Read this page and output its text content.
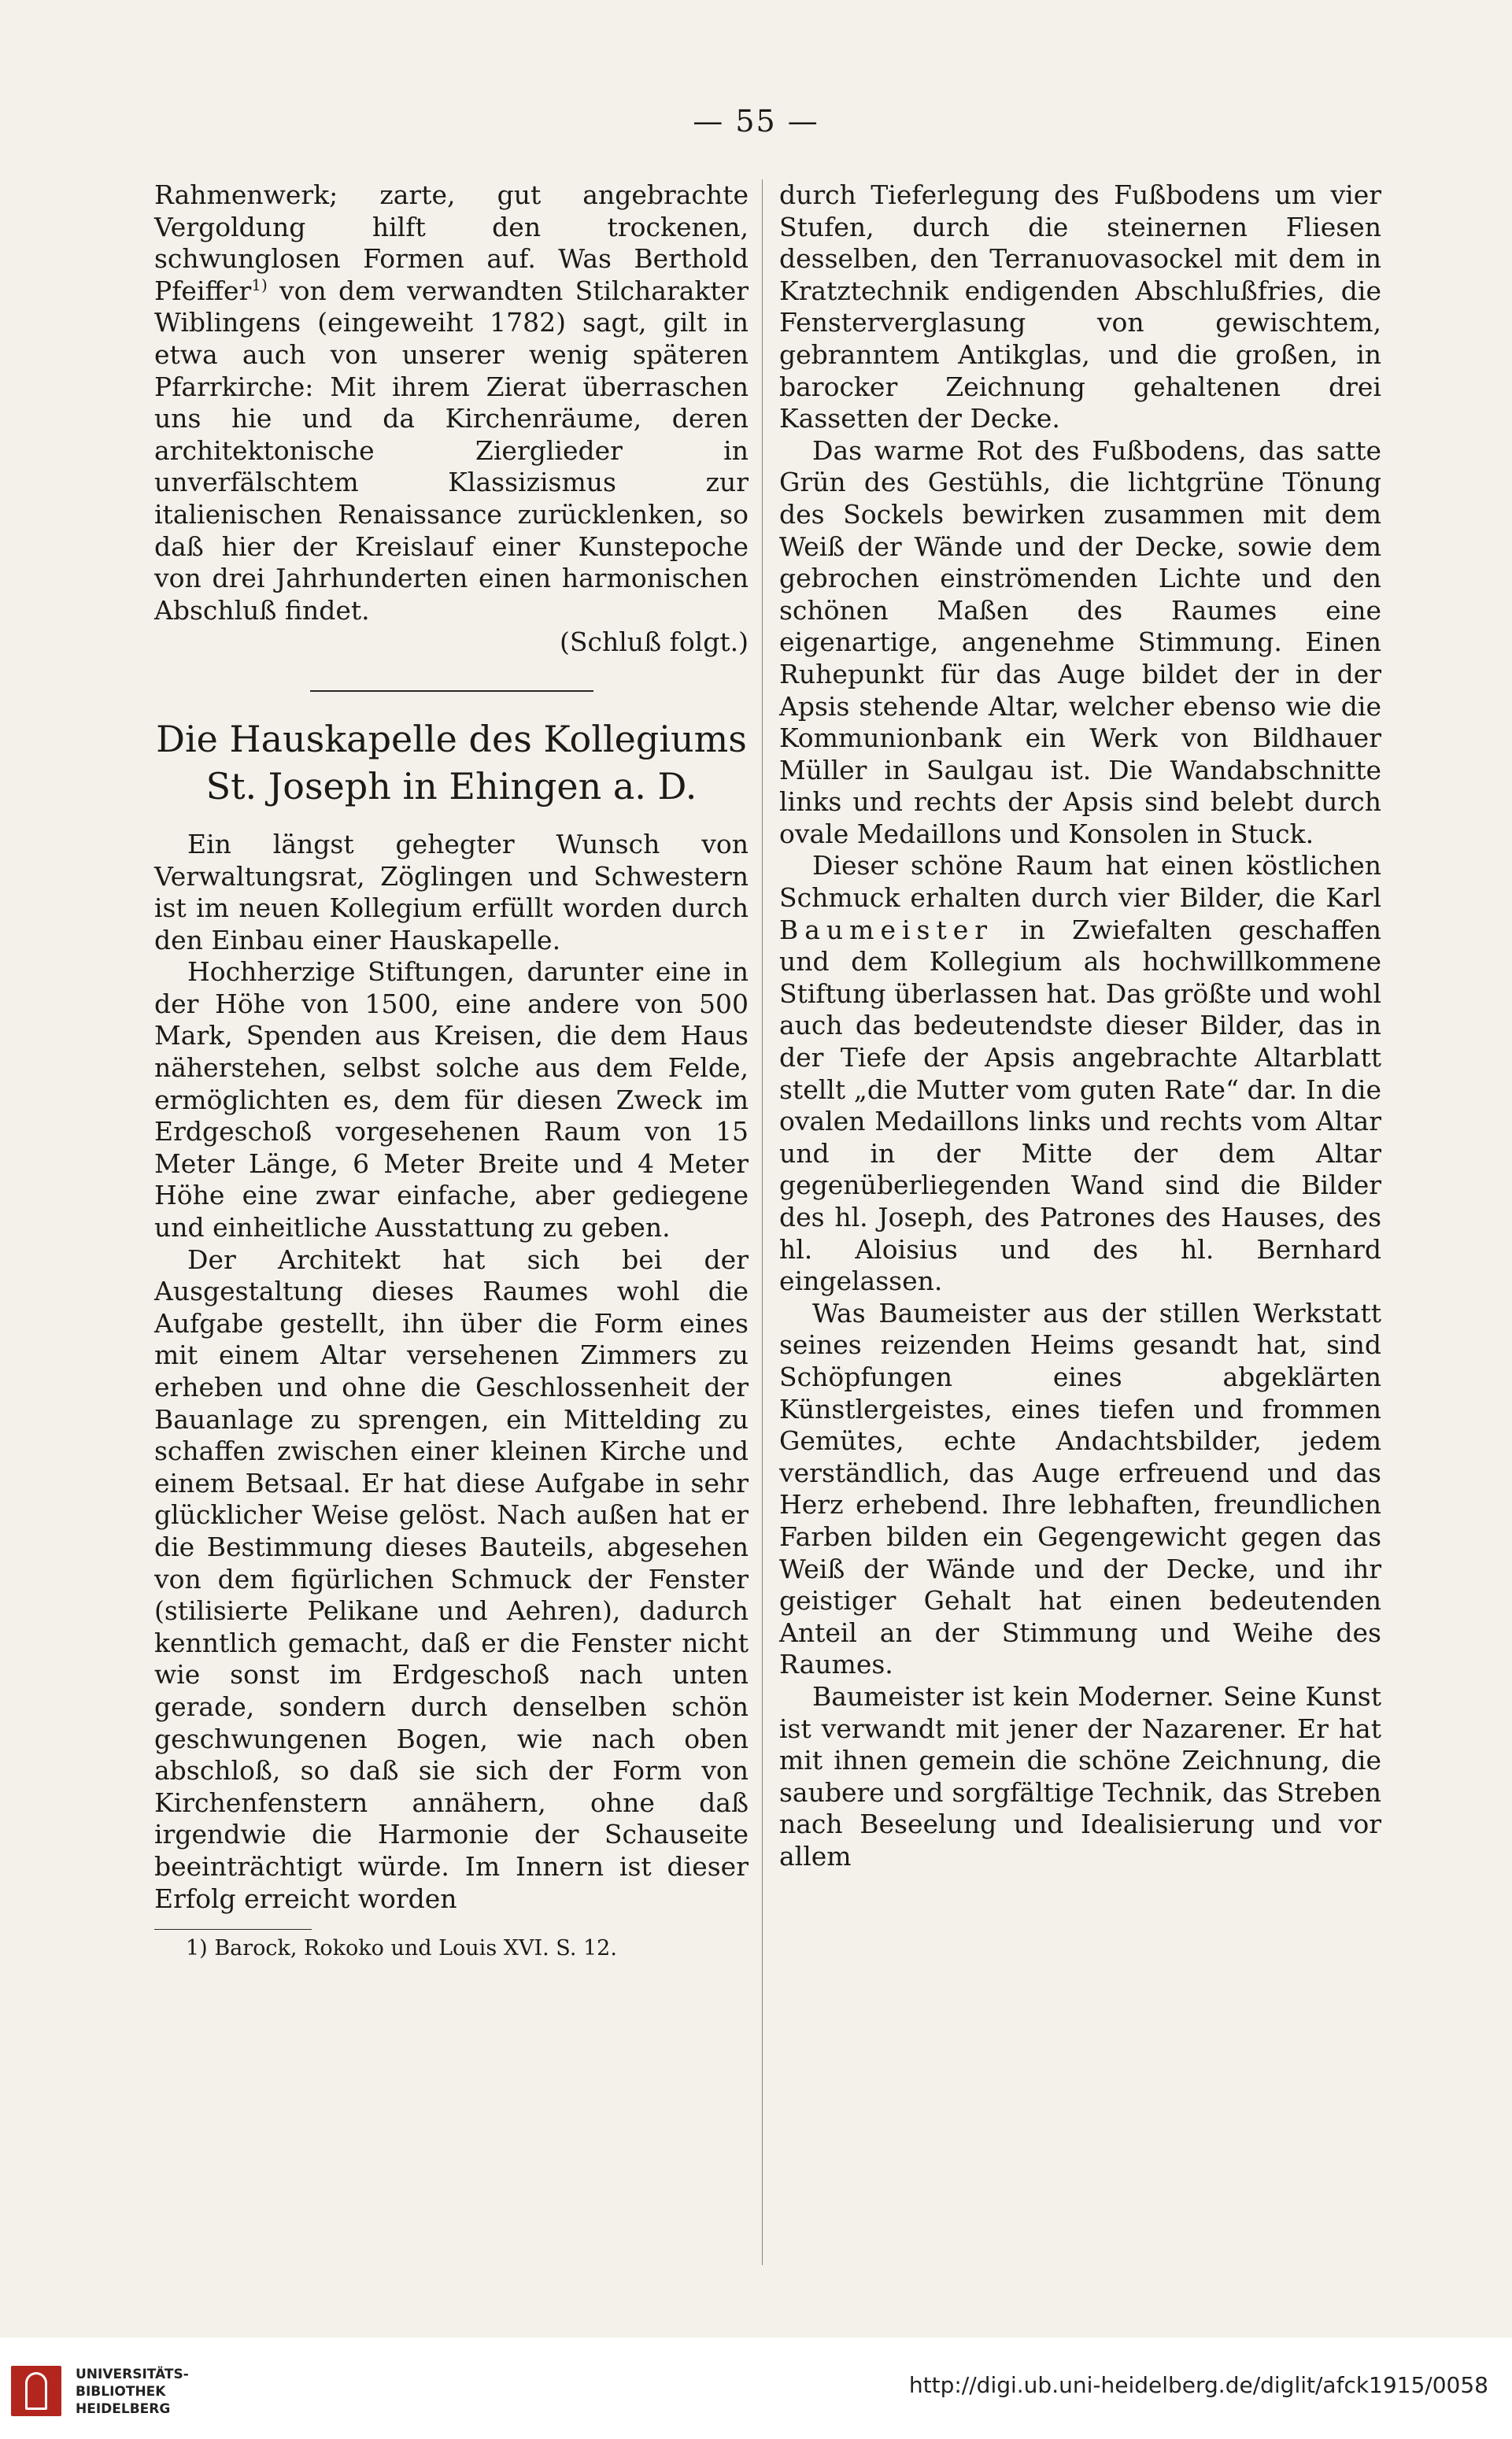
— 55 —

Rahmenwerk; zarte, gut angebrachte Vergoldung hilft den trockenen, schwunglosen Formen auf. Was Berthold Pfeiffer$^{1)}$ von dem verwandten Stilcharakter Wiblingens (eingeweiht 1782) sagt, gilt in etwa auch von unserer wenig späteren Pfarrkirche: Mit ihrem Zierat überraschen uns hie und da Kirchenräume, deren architektonische Zierglieder in unverfälschtem Klassizismus zur italienischen Renaissance zurücklenken, so daß hier der Kreislauf einer Kunstepoche von drei Jahrhunderten einen harmonischen Abschluß findet.

(Schluß folgt.)

Die Hauskapelle des Kollegiums
St. Joseph in Ehingen a. D.

Ein längst gehegter Wunsch von Verwaltungsrat, Zöglingen und Schwestern ist im neuen Kollegium erfüllt worden durch den Einbau einer Hauskapelle.

Hochherzige Stiftungen, darunter eine in der Höhe von 1500, eine andere von 500 Mark, Spenden aus Kreisen, die dem Haus näherstehen, selbst solche aus dem Felde, ermöglichten es, dem für diesen Zweck im Erdgeschoß vorgesehenen Raum von 15 Meter Länge, 6 Meter Breite und 4 Meter Höhe eine zwar einfache, aber gediegene und einheitliche Ausstattung zu geben.

Der Architekt hat sich bei der Ausgestaltung dieses Raumes wohl die Aufgabe gestellt, ihn über die Form eines mit einem Altar versehenen Zimmers zu erheben und ohne die Geschlossenheit der Bauanlage zu sprengen, ein Mittelding zu schaffen zwischen einer kleinen Kirche und einem Betsaal. Er hat diese Aufgabe in sehr glücklicher Weise gelöst. Nach außen hat er die Bestimmung dieses Bauteils, abgesehen von dem figürlichen Schmuck der Fenster (stilisierte Pelikane und Aehren), dadurch kenntlich gemacht, daß er die Fenster nicht wie sonst im Erdgeschoß nach unten gerade, sondern durch denselben schön geschwungenen Bogen, wie nach oben abschloß, so daß sie sich der Form von Kirchenfenstern annähern, ohne daß irgendwie die Harmonie der Schauseite beeinträchtigt würde. Im Innern ist dieser Erfolg erreicht worden

1) Barock, Rokoko und Louis XVI. S. 12.

durch Tieferlegung des Fußbodens um vier Stufen, durch die steinernen Fliesen desselben, den Terranuovasockel mit dem in Kratztechnik endigenden Abschlußfries, die Fensterverglasung von gewischtem, gebranntem Antikglas, und die großen, in barocker Zeichnung gehaltenen drei Kassetten der Decke.

Das warme Rot des Fußbodens, das satte Grün des Gestühls, die lichtgrüne Tönung des Sockels bewirken zusammen mit dem Weiß der Wände und der Decke, sowie dem gebrochen einströmenden Lichte und den schönen Maßen des Raumes eine eigenartige, angenehme Stimmung. Einen Ruhepunkt für das Auge bildet der in der Apsis stehende Altar, welcher ebenso wie die Kommunionbank ein Werk von Bildhauer Müller in Saulgau ist. Die Wandabschnitte links und rechts der Apsis sind belebt durch ovale Medaillons und Konsolen in Stuck.

Dieser schöne Raum hat einen köstlichen Schmuck erhalten durch vier Bilder, die Karl Baumeister in Zwiefalten geschaffen und dem Kollegium als hochwillkommene Stiftung überlassen hat. Das größte und wohl auch das bedeutendste dieser Bilder, das in der Tiefe der Apsis angebrachte Altarblatt stellt „die Mutter vom guten Rate“ dar. In die ovalen Medaillons links und rechts vom Altar und in der Mitte der dem Altar gegenüberliegenden Wand sind die Bilder des hl. Joseph, des Patrones des Hauses, des hl. Aloisius und des hl. Bernhard eingelassen.

Was Baumeister aus der stillen Werkstatt seines reizenden Heims gesandt hat, sind Schöpfungen eines abgeklärten Künstlergeistes, eines tiefen und frommen Gemütes, echte Andachtsbilder, jedem verständlich, das Auge erfreuend und das Herz erhebend. Ihre lebhaften, freundlichen Farben bilden ein Gegengewicht gegen das Weiß der Wände und der Decke, und ihr geistiger Gehalt hat einen bedeutenden Anteil an der Stimmung und Weihe des Raumes.

Baumeister ist kein Moderner. Seine Kunst ist verwandt mit jener der Nazarener. Er hat mit ihnen gemein die schöne Zeichnung, die saubere und sorgfältige Technik, das Streben nach Beseelung und Idealisierung und vor allem

UNIVERSITÄTS-
BIBLIOTHEK
HEIDELBERG
http://digi.ub.uni-heidelberg.de/diglit/afck1915/0058
